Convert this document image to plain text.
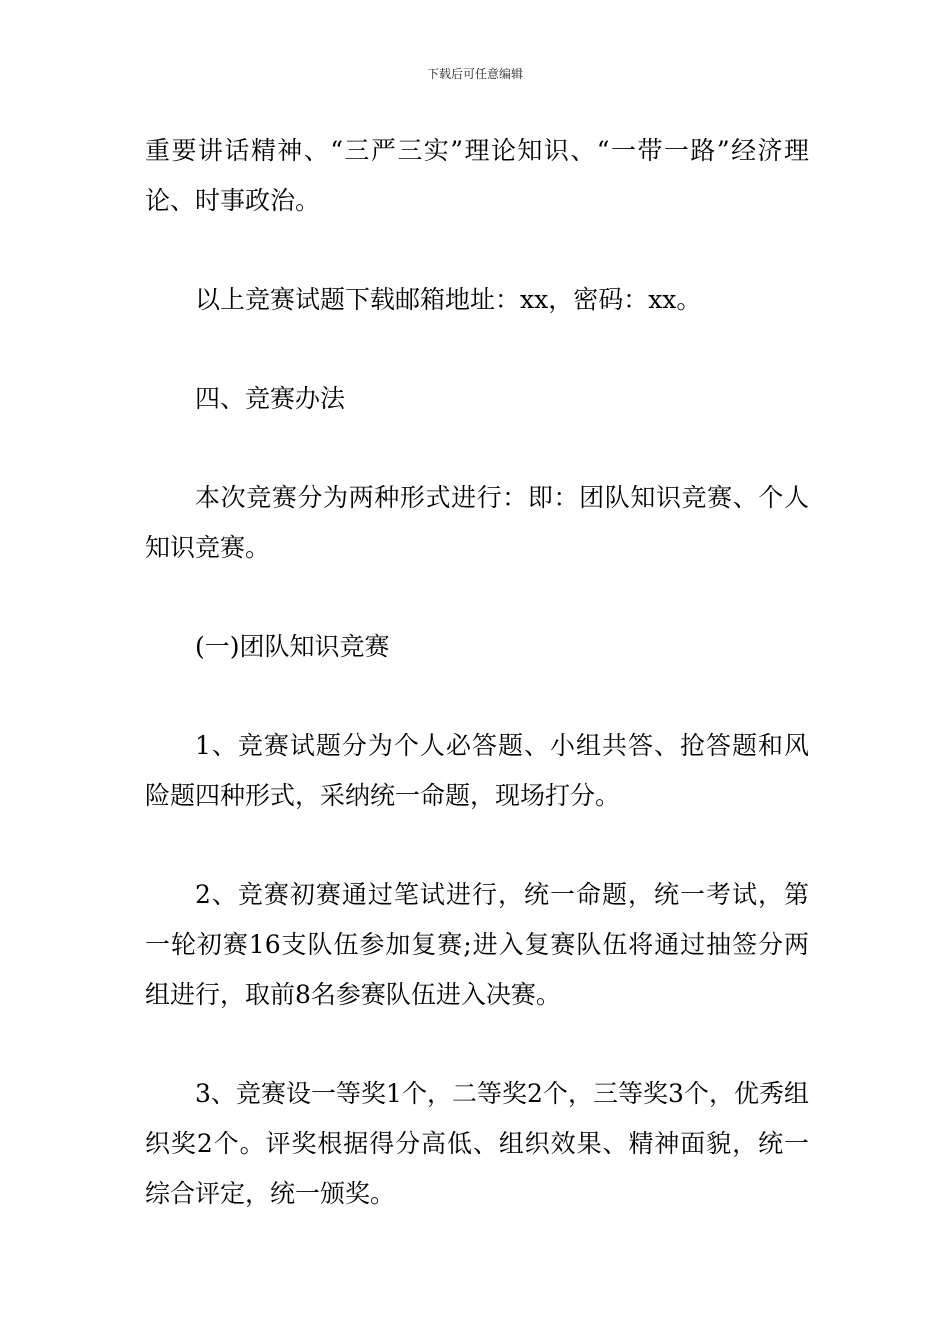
下载后可任意编辑

重要讲话精神、“三严三实”理论知识、“一带一路”经济理论、时事政治。

以上竞赛试题下载邮箱地址：xx，密码：xx。

四、竞赛办法

本次竞赛分为两种形式进行：即：团队知识竞赛、个人知识竞赛。

(一)团队知识竞赛

1、竞赛试题分为个人必答题、小组共答、抢答题和风险题四种形式，采纳统一命题，现场打分。

2、竞赛初赛通过笔试进行，统一命题，统一考试，第一轮初赛16支队伍参加复赛;进入复赛队伍将通过抽签分两组进行，取前8名参赛队伍进入决赛。

3、竞赛设一等奖1个，二等奖2个，三等奖3个，优秀组织奖2个。评奖根据得分高低、组织效果、精神面貌，统一综合评定，统一颁奖。
